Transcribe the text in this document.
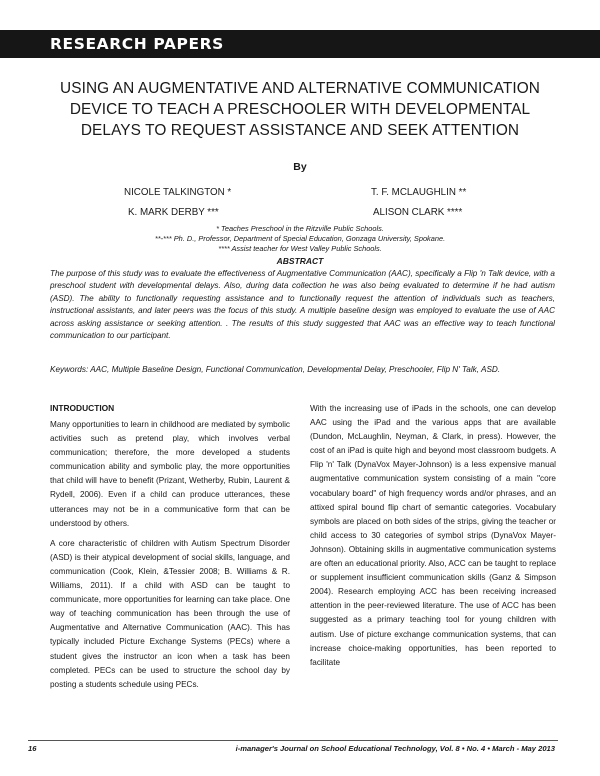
RESEARCH PAPERS
USING AN AUGMENTATIVE AND ALTERNATIVE COMMUNICATION
DEVICE TO TEACH A PRESCHOOLER WITH DEVELOPMENTAL
DELAYS TO REQUEST ASSISTANCE AND SEEK ATTENTION
By
NICOLE TALKINGTON *	T. F. MCLAUGHLIN **
K. MARK DERBY ***	ALISON CLARK ****
* Teaches Preschool in the Ritzville Public Schools.
**-*** Ph. D., Professor, Department of Special Education, Gonzaga University, Spokane.
**** Assist teacher for West Valley Public Schools.
ABSTRACT
The purpose of this study was to evaluate the effectiveness of Augmentative Communication (AAC), specifically a Flip 'n Talk device, with a preschool student with developmental delays. Also, during data collection he was also being evaluated to determine if he had autism (ASD). The ability to functionally requesting assistance and to functionally request the attention of individuals such as teachers, instructional assistants, and later peers was the focus of this study. A multiple baseline design was employed to evaluate the use of AAC across asking assistance or seeking attention. . The results of this study suggested that AAC was an effective way to teach functional communication to our participant.
Keywords: AAC, Multiple Baseline Design, Functional Communication, Developmental Delay, Preschooler, Flip N' Talk, ASD.
INTRODUCTION

Many opportunities to learn in childhood are mediated by symbolic activities such as pretend play, which involves verbal communication; therefore, the more developed a students communication ability and symbolic play, the more opportunities that child will have to benefit (Prizant, Wetherby, Rubin, Laurent & Rydell, 2006). Even if a child can produce utterances, these utterances may not be in a communicative form that can be understood by others.

A core characteristic of children with Autism Spectrum Disorder (ASD) is their atypical development of social skills, language, and communication (Cook, Klein, &Tessier 2008; B. Williams & R. Williams, 2011). If a child with ASD can be taught to communicate, more opportunities for learning can take place. One way of teaching communication has been through the use of Augmentative and Alternative Communication (AAC). This has typically included Picture Exchange Systems (PECs) where a student gives the instructor an icon when a task has been completed. PECs can be used to structure the school day by posting a students schedule using PECs.

With the increasing use of iPads in the schools, one can develop AAC using the iPad and the various apps that are available (Dundon, McLaughlin, Neyman, & Clark, in press). However, the cost of an iPad is quite high and beyond most classroom budgets. A Flip 'n' Talk (DynaVox Mayer-Johnson) is a less expensive manual augmentative communication system consisting of a main "core vocabulary board" of high frequency words and/or phrases, and an attixed spiral bound flip chart of semantic categories. Vocabulary symbols are placed on both sides of the strips, giving the teacher or child access to 30 categories of symbol strips (DynaVox Mayer-Johnson). Obtaining skills in augmentative communication systems are often an educational priority. Also, ACC can be taught to replace or supplement insufficient communication skills (Ganz & Simpson 2004). Research employing ACC has been receiving increased attention in the peer-reviewed literature. The use of ACC has been suggested as a primary teaching tool for young children with autism. Use of picture exchange communication systems, that can increase choice-making opportunities, has been reported to facilitate

16	i-manager's Journal on School Educational Technology, Vol. 8 • No. 4 • March - May 2013
